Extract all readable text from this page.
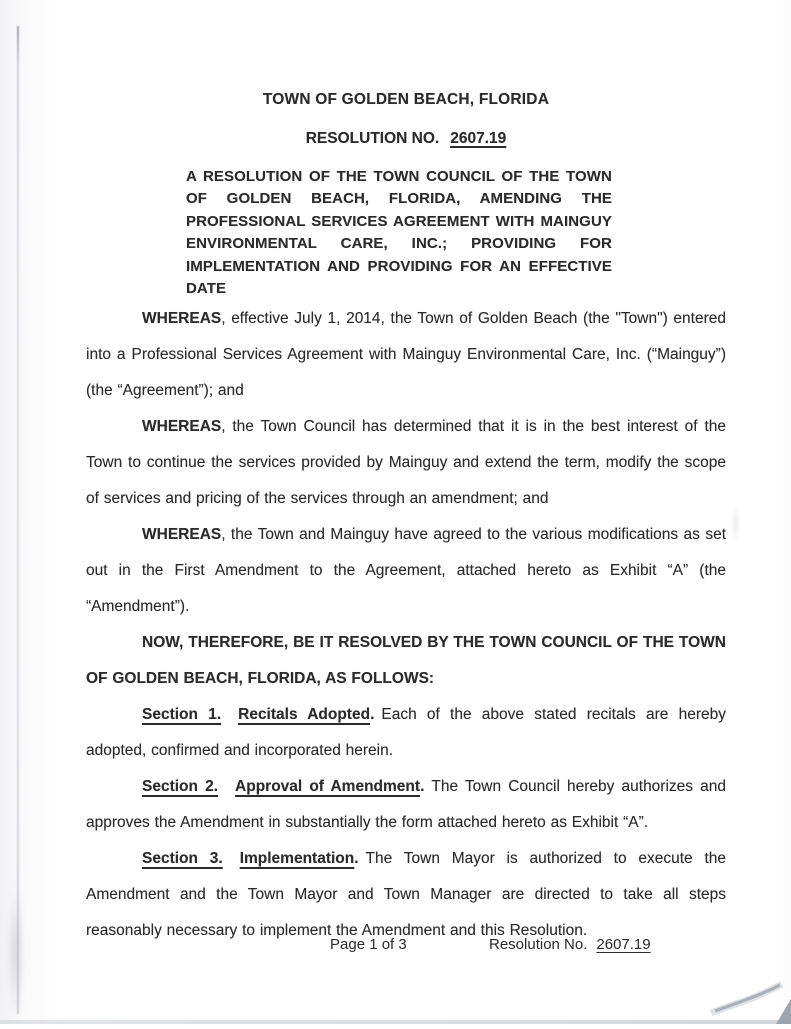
TOWN OF GOLDEN BEACH, FLORIDA
RESOLUTION NO. 2607.19

A RESOLUTION OF THE TOWN COUNCIL OF THE TOWN OF GOLDEN BEACH, FLORIDA, AMENDING THE PROFESSIONAL SERVICES AGREEMENT WITH MAINGUY ENVIRONMENTAL CARE, INC.; PROVIDING FOR IMPLEMENTATION AND PROVIDING FOR AN EFFECTIVE DATE

WHEREAS, effective July 1, 2014, the Town of Golden Beach (the "Town") entered into a Professional Services Agreement with Mainguy Environmental Care, Inc. (“Mainguy”) (the “Agreement”); and

WHEREAS, the Town Council has determined that it is in the best interest of the Town to continue the services provided by Mainguy and extend the term, modify the scope of services and pricing of the services through an amendment; and

WHEREAS, the Town and Mainguy have agreed to the various modifications as set out in the First Amendment to the Agreement, attached hereto as Exhibit “A” (the “Amendment”).

NOW, THEREFORE, BE IT RESOLVED BY THE TOWN COUNCIL OF THE TOWN OF GOLDEN BEACH, FLORIDA, AS FOLLOWS:

Section 1. Recitals Adopted. Each of the above stated recitals are hereby adopted, confirmed and incorporated herein.

Section 2. Approval of Amendment. The Town Council hereby authorizes and approves the Amendment in substantially the form attached hereto as Exhibit “A”.

Section 3. Implementation. The Town Mayor is authorized to execute the Amendment and the Town Mayor and Town Manager are directed to take all steps reasonably necessary to implement the Amendment and this Resolution.

Page 1 of 3	Resolution No. 2607.19
